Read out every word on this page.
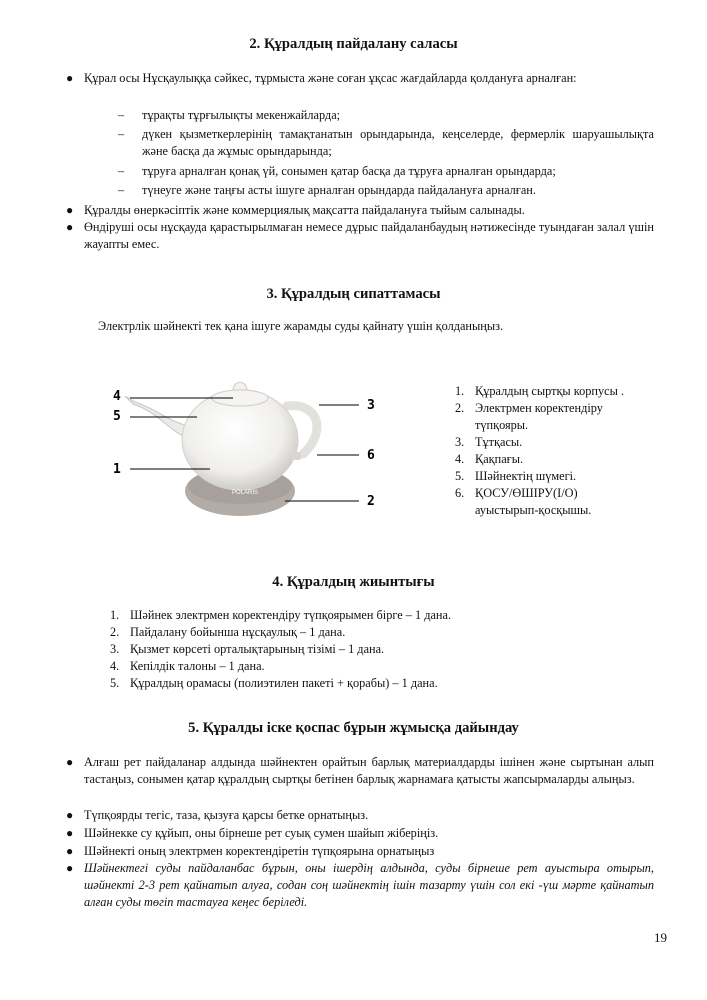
2. Құралдың пайдалану саласы
● Құрал осы Нұсқаулыққа сәйкес, тұрмыста және соған ұқсас жағдайларда қолдануға арналған:
– тұрақты тұрғылықты мекенжайларда;
– дүкен қызметкерлерінің тамақтанатын орындарында, кеңселерде, фермерлік шаруашылықта және басқа да жұмыс орындарында;
– тұруға арналған қонақ үй, сонымен қатар басқа да тұруға арналған орындарда;
– түнеуге және таңғы асты ішуге арналған орындарда пайдалануға арналған.
● Құралды өнеркәсіптік және коммерциялық мақсатта пайдалануға тыйым салынады.
● Өндіруші осы нұсқауда қарастырылмаған немесе дұрыс пайдаланбаудың нәтижесінде туындаған залал үшін жауапты емес.
3. Құралдың сипаттамасы
Электрлік шәйнекті тек қана ішуге жарамды суды қайнату үшін қолданыңыз.
POLARIS
4
5
1
3
6
2
1. Құралдың сыртқы корпусы .
2. Электрмен коректендіру түпқояры.
3. Тұтқасы.
4. Қақпағы.
5. Шәйнектің шүмегі.
6. ҚОСУ/ӨШІРУ(І/О) ауыстырып-қосқышы.
4. Құралдың жиынтығы
1. Шәйнек электрмен коректендіру түпқоярымен бірге – 1 дана.
2. Пайдалану бойынша нұсқаулық – 1 дана.
3. Қызмет көрсеті орталықтарының тізімі – 1 дана.
4. Кепілдік талоны – 1 дана.
5. Құралдың орамасы (полиэтилен пакеті + қорабы) – 1 дана.
5. Құралды іске қоспас бұрын жұмысқа дайындау
● Алғаш рет пайдаланар алдында шәйнектен орайтын барлық материалдарды ішінен және сыртынан алып тастаңыз, сонымен қатар құралдың сыртқы бетінен барлық жарнамаға қатысты жапсырмаларды алыңыз.
● Түпқоярды тегіс, таза, қызуға қарсы бетке орнатыңыз.
● Шәйнекке су құйып, оны бірнеше рет суық сумен шайып жіберіңіз.
● Шәйнекті оның электрмен коректендіретін түпқоярына орнатыңыз
● Шәйнектегі суды пайдаланбас бұрын, оны ішердің алдында, суды бірнеше рет ауыстыра отырып, шәйнекті 2-3 рет қайнатып алуға, содан соң шәйнектің ішін тазарту үшін сол екі -үш мәрте қайнатып алған суды төгіп тастауға кеңес беріледі.
19
